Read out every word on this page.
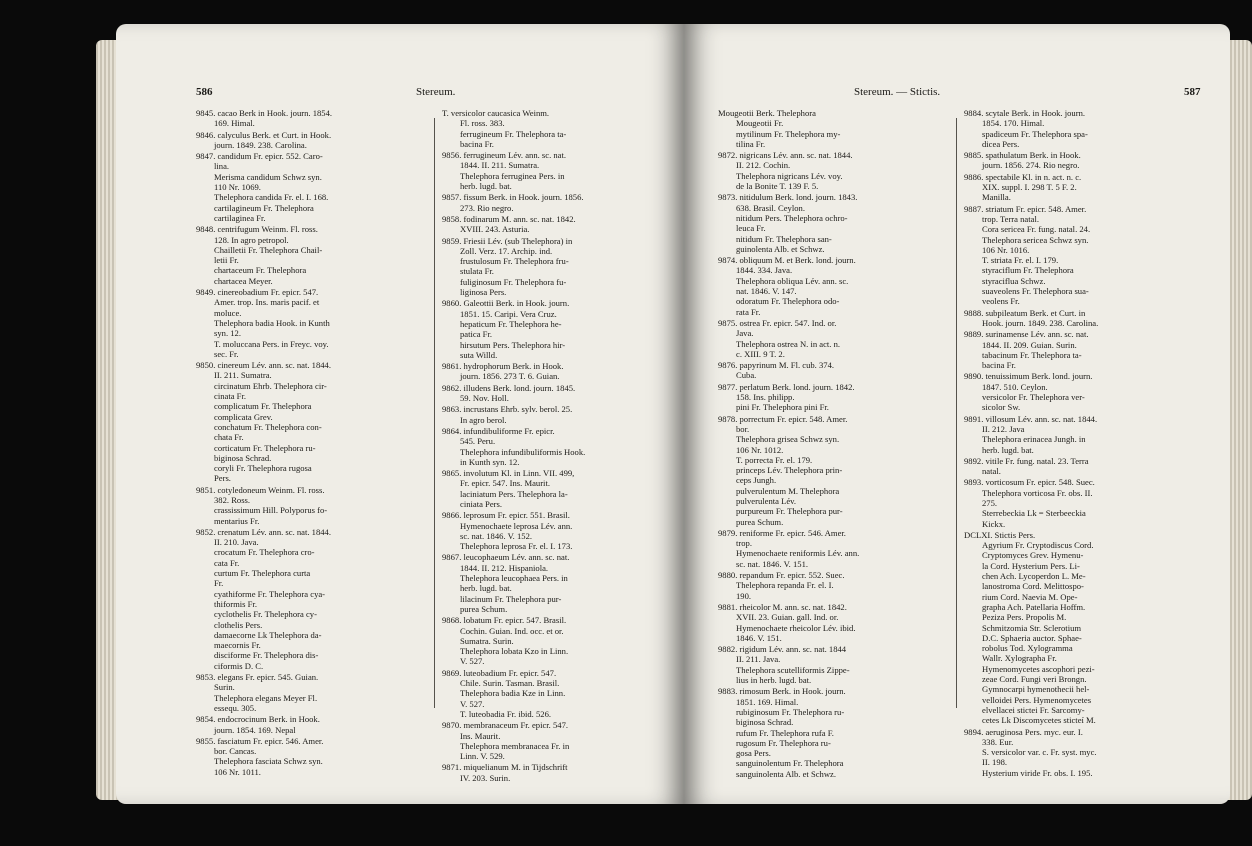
586	Stereum.
9845. cacao Berk in Hook. journ. 1854.
169. Himal.
9846. calyculus Berk. et Curt. in Hook.
journ. 1849. 238. Carolina.
9847. candidum Fr. epicr. 552. Caro-
lina.
Merisma candidum Schwz syn.
110 Nr. 1069.
Thelephora candida Fr. el. I. 168.
cartilagineum Fr. Thelephora
cartilaginea Fr.
9848. centrifugum Weinm. Fl. ross.
128. In agro petropol.
Chailletii Fr. Thelephora Chail-
letii Fr.
chartaceum Fr. Thelephora
chartacea Meyer.
9849. cinereobadium Fr. epicr. 547.
Amer. trop. Ins. maris pacif. et
moluce.
Thelephora badia Hook. in Kunth
syn. 12.
T. moluccana Pers. in Freyc. voy.
sec. Fr.
9850. cinereum Lév. ann. sc. nat. 1844.
II. 211. Sumatra.
circinatum Ehrb. Thelephora cir-
cinata Fr.
complicatum Fr. Thelephora
complicata Grev.
conchatum Fr. Thelephora con-
chata Fr.
corticatum Fr. Thelephora ru-
biginosa Schrad.
coryli Fr. Thelephora rugosa
Pers.
9851. cotyledoneum Weinm. Fl. ross.
382. Ross.
crassissimum Hill. Polyporus fo-
mentarius Fr.
9852. crenatum Lév. ann. sc. nat. 1844.
II. 210. Java.
crocatum Fr. Thelephora cro-
cata Fr.
curtum Fr. Thelephora curta
Fr.
cyathiforme Fr. Thelephora cya-
thiformis Fr.
cyclothelis Fr. Thelephora cy-
clothelis Pers.
damaecorne Lk Thelephora da-
maecornis Fr.
disciforme Fr. Thelephora dis-
ciformis D. C.
9853. elegans Fr. epicr. 545. Guian.
Surin.
Thelephora elegans Meyer Fl.
essequ. 305.
9854. endocrocinum Berk. in Hook.
journ. 1854. 169. Nepal
9855. fasciatum Fr. epicr. 546. Amer.
bor. Cancas.
Thelephora fasciata Schwz syn.
106 Nr. 1011.
T. versicolor caucasica Weinm.
Fl. ross. 383.
ferrugineum Fr. Thelephora ta-
bacina Fr.
9856. ferrugineum Lév. ann. sc. nat.
1844. II. 211. Sumatra.
Thelephora ferruginea Pers. in
herb. lugd. bat.
9857. fissum Berk. in Hook. journ. 1856.
273. Rio negro.
9858. fodinarum M. ann. sc. nat. 1842.
XVIII. 243. Asturia.
9859. Friesii Lév. (sub Thelephora) in
Zoll. Verz. 17. Archip. ind.
frustulosum Fr. Thelephora fru-
stulata Fr.
fuliginosum Fr. Thelephora fu-
liginosa Pers.
9860. Galeottii Berk. in Hook. journ.
1851. 15. Caripi. Vera Cruz.
hepaticum Fr. Thelephora he-
patica Fr.
hirsutum Pers. Thelephora hir-
suta Willd.
9861. hydrophorum Berk. in Hook.
journ. 1856. 273 T. 6. Guian.
9862. illudens Berk. lond. journ. 1845.
59. Nov. Holl.
9863. incrustans Ehrb. sylv. berol. 25.
In agro berol.
9864. infundibuliforme Fr. epicr.
545. Peru.
Thelephora infundibuliformis Hook.
in Kunth syn. 12.
9865. involutum Kl. in Linn. VII. 499,
Fr. epicr. 547. Ins. Maurit.
laciniatum Pers. Thelephora la-
ciniata Pers.
9866. leprosum Fr. epicr. 551. Brasil.
Hymenochaete leprosa Lév. ann.
sc. nat. 1846. V. 152.
Thelephora leprosa Fr. el. I. 173.
9867. leucophaeum Lév. ann. sc. nat.
1844. II. 212. Hispaniola.
Thelephora leucophaea Pers. in
herb. lugd. bat.
lilacinum Fr. Thelephora pur-
purea Schum.
9868. lobatum Fr. epicr. 547. Brasil.
Cochin. Guian. Ind. occ. et or.
Sumatra. Surin.
Thelephora lobata Kzo in Linn.
V. 527.
9869. luteobadium Fr. epicr. 547.
Chile. Surin. Tasman. Brasil.
Thelephora badia Kze in Linn.
V. 527.
T. luteobadia Fr. ibid. 526.
9870. membranaceum Fr. epicr. 547.
Ins. Maurit.
Thelephora membranacea Fr. in
Linn. V. 529.
9871. miquelianum M. in Tijdschrift
IV. 203. Surin.
Stereum. — Stictis.	587
Mougeotii Berk. Thelephora
Mougeotii Fr.
mytilinum Fr. Thelephora my-
tilina Fr.
9872. nigricans Lév. ann. sc. nat. 1844.
II. 212. Cochin.
Thelephora nigricans Lév. voy.
de la Bonite T. 139 F. 5.
9873. nitidulum Berk. lond. journ. 1843.
638. Brasil. Ceylon.
nitidum Pers. Thelephora ochro-
leuca Fr.
nitidum Fr. Thelephora san-
guinolenta Alb. et Schwz.
9874. obliquum M. et Berk. lond. journ.
1844. 334. Java.
Thelephora obliqua Lév. ann. sc.
nat. 1846. V. 147.
odoratum Fr. Thelephora odo-
rata Fr.
9875. ostrea Fr. epicr. 547. Ind. or.
Java.
Thelephora ostrea N. in act. n.
c. XIII. 9 T. 2.
9876. papyrinum M. Fl. cub. 374.
Cuba.
9877. perlatum Berk. lond. journ. 1842.
158. Ins. philipp.
pini Fr. Thelephora pini Fr.
9878. porrectum Fr. epicr. 548. Amer.
bor.
Thelephora grisea Schwz syn.
106 Nr. 1012.
T. porrecta Fr. el. 179.
princeps Lév. Thelephora prin-
ceps Jungh.
pulverulentum M. Thelephora
pulverulenta Lév.
purpureum Fr. Thelephora pur-
purea Schum.
9879. reniforme Fr. epicr. 546. Amer.
trop.
Hymenochaete reniformis Lév. ann.
sc. nat. 1846. V. 151.
9880. repandum Fr. epicr. 552. Suec.
Thelephora repanda Fr. el. I.
190.
9881. rheicolor M. ann. sc. nat. 1842.
XVII. 23. Guian. gall. Ind. or.
Hymenochaete rheicolor Lév. ibid.
1846. V. 151.
9882. rigidum Lév. ann. sc. nat. 1844
II. 211. Java.
Thelephora scutelliformis Zippe-
lius in herb. lugd. bat.
9883. rimosum Berk. in Hook. journ.
1851. 169. Himal.
rubiginosum Fr. Thelephora ru-
biginosa Schrad.
rufum Fr. Thelephora rufa F.
rugosum Fr. Thelephora ru-
gosa Pers.
sanguinolentum Fr. Thelephora
sanguinolenta Alb. et Schwz.
9884. scytale Berk. in Hook. journ.
1854. 170. Himal.
spadiceum Fr. Thelephora spa-
dicea Pers.
9885. spathulatum Berk. in Hook.
journ. 1856. 274. Rio negro.
9886. spectabile Kl. in n. act. n. c.
XIX. suppl. I. 298 T. 5 F. 2.
Manilla.
9887. striatum Fr. epicr. 548. Amer.
trop. Terra natal.
Cora sericea Fr. fung. natal. 24.
Thelephora sericea Schwz syn.
106 Nr. 1016.
T. striata Fr. el. I. 179.
styraciflum Fr. Thelephora
styraciflua Schwz.
suaveolens Fr. Thelephora sua-
veolens Fr.
9888. subpileatum Berk. et Curt. in
Hook. journ. 1849. 238. Carolina.
9889. surinamense Lév. ann. sc. nat.
1844. II. 209. Guian. Surin.
tabacinum Fr. Thelephora ta-
bacina Fr.
9890. tenuissimum Berk. lond. journ.
1847. 510. Ceylon.
versicolor Fr. Thelephora ver-
sicolor Sw.
9891. villosum Lév. ann. sc. nat. 1844.
II. 212. Java
Thelephora erinacea Jungh. in
herb. lugd. bat.
9892. vitile Fr. fung. natal. 23. Terra
natal.
9893. vorticosum Fr. epicr. 548. Suec.
Thelephora vorticosa Fr. obs. II.
275.
Sterrebeckia Lk = Sterbeeckia
Kickx.
DCLXI. Stictis Pers.
Agyrium Fr. Cryptodiscus Cord.
Cryptomyces Grev. Hymenu-
la Cord. Hysterium Pers. Li-
chen Ach. Lycoperdon L. Me-
lanostroma Cord. Melittospo-
rium Cord. Naevia M. Ope-
grapha Ach. Patellaria Hoffm.
Peziza Pers. Propolis M.
Schmitzomia Str. Sclerotium
D.C. Sphaeria auctor. Sphae-
robolus Tod. Xylogramma
Wallr. Xylographa Fr.
Hymenomycetes ascophori pezi-
zeae Cord. Fungi veri Brongn.
Gymnocarpi hymenothecii hel-
velloidei Pers. Hymenomycetes
elvellacei stictei Fr. Sarcomy-
cetes Lk Discomycetes sticteí M.
9894. aeruginosa Pers. myc. eur. I.
338. Eur.
S. versicolor var. c. Fr. syst. myc.
II. 198.
Hysterium viride Fr. obs. I. 195.
